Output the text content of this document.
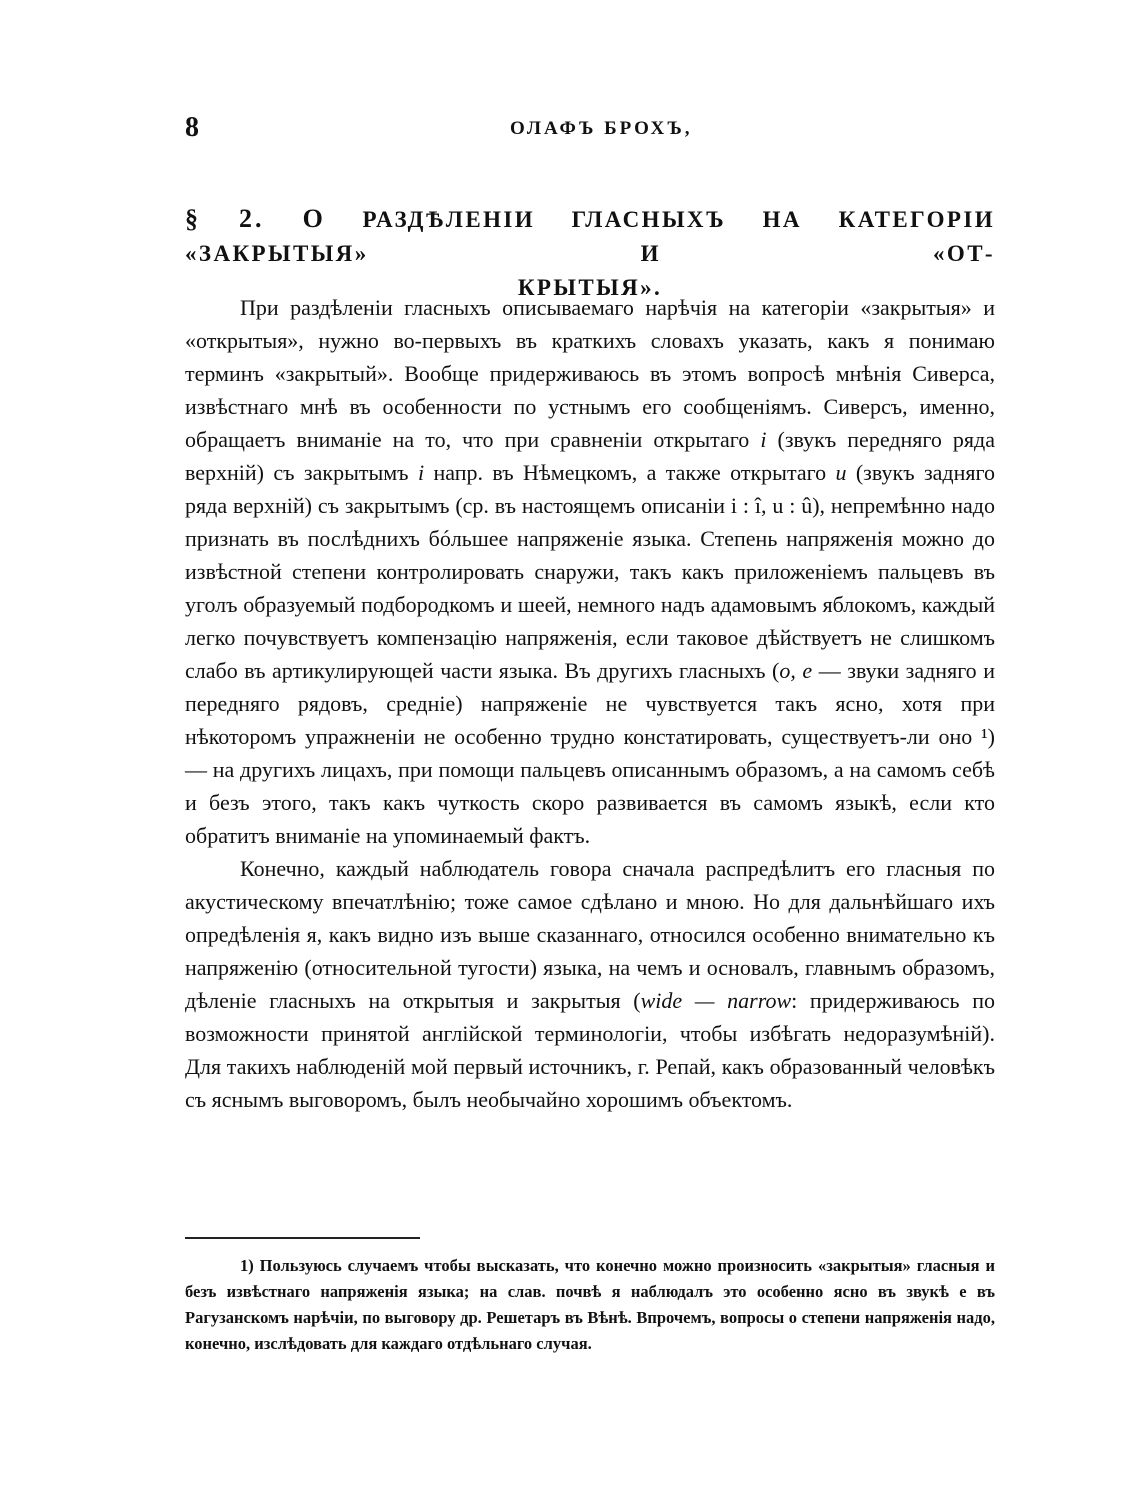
8	ОЛАФЪ БРОХЪ,
§ 2. О РАЗДѢЛЕНІИ ГЛАСНЫХЪ НА КАТЕГОРІИ «ЗАКРЫТЫЯ» И «ОТ-
КРЫТЫЯ».

При раздѣленіи гласныхъ описываемаго нарѣчія на категоріи «закрытыя» и «открытыя», нужно во-первыхъ въ краткихъ словахъ указать, какъ я понимаю терминъ «закрытый». Вообще придерживаюсь въ этомъ вопросѣ мнѣнія Сиверса, извѣстнаго мнѣ въ особенности по устнымъ его сообщеніямъ. Сиверсъ, именно, обращаетъ вниманіе на то, что при сравненіи открытаго i (звукъ передняго ряда верхній) съ закрытымъ i напр. въ Нѣмецкомъ, а также открытаго u (звукъ задняго ряда верхній) съ закрытымъ (ср. въ настоящемъ описаніи i : î, u : û), непремѣнно надо признать въ послѣднихъ бóльшее напряженіе языка. Степень напряженія можно до извѣстной степени контролировать снаружи, такъ какъ приложеніемъ пальцевъ въ уголъ образуемый подбородкомъ и шеей, немного надъ адамовымъ яблокомъ, каждый легко почувствуетъ компензацію напряженія, если таковое дѣйствуетъ не слишкомъ слабо въ артикулирующей части языка. Въ другихъ гласныхъ (o, e — звуки задняго и передняго рядовъ, средніе) напряженіе не чувствуется такъ ясно, хотя при нѣкоторомъ упражненіи не особенно трудно констатировать, существуетъ-ли оно ¹) — на другихъ лицахъ, при помощи пальцевъ описаннымъ образомъ, а на самомъ себѣ и безъ этого, такъ какъ чуткость скоро развивается въ самомъ языкѣ, если кто обратитъ вниманіе на упоминаемый фактъ.

Конечно, каждый наблюдатель говора сначала распредѣлитъ его гласныя по акустическому впечатлѣнію; тоже самое сдѣлано и мною. Но для дальнѣйшаго ихъ опредѣленія я, какъ видно изъ выше сказаннаго, относился особенно внимательно къ напряженію (относительной тугости) языка, на чемъ и основалъ, главнымъ образомъ, дѣленіе гласныхъ на открытыя и закрытыя (wide — narrow: придерживаюсь по возможности принятой англійской терминологіи, чтобы избѣгать недоразумѣній). Для такихъ наблюденій мой первый источникъ, г. Репай, какъ образованный человѣкъ съ яснымъ выговоромъ, былъ необычайно хорошимъ объектомъ.

1) Пользуюсь случаемъ чтобы высказать, что конечно можно произносить «закрытыя» гласныя и безъ извѣстнаго напряженія языка; на слав. почвѣ я наблюдалъ это особенно ясно въ звукѣ e въ Рагузанскомъ нарѣчіи, по выговору др. Решетаръ въ Вѣнѣ. Впрочемъ, вопросы о степени напряженія надо, конечно, изслѣдовать для каждаго отдѣльнаго случая.
